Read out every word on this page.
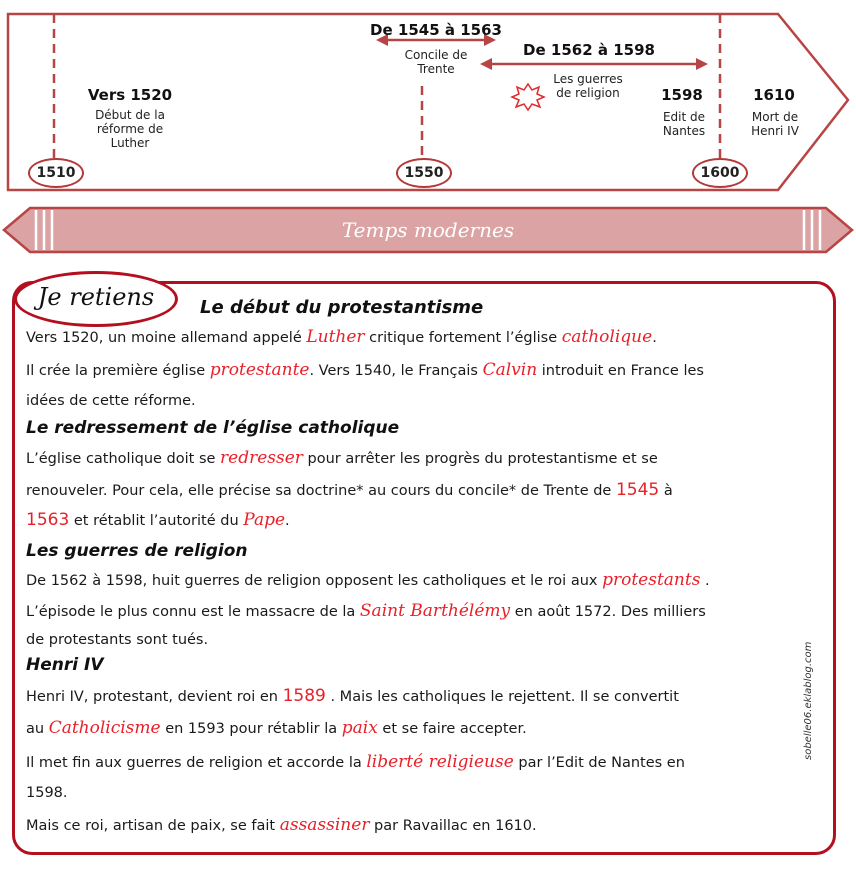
Vers 1520
Début de la
réforme de
Luther
De 1545 à 1563
Concile de
Trente
De 1562 à 1598
Les guerres
de religion	1598
Edit de
Nantes
1610
Mort de
Henri IV
1510	1550	1600
Temps modernes
Je retiens	Le début du protestantisme
Le redressement de l’église catholique
Les guerres de religion
Henri IV
Vers 1520, un moine allemand appelé Luther critique fortement l’église catholique.
Il crée la première église protestante. Vers 1540, le Français Calvin introduit en France les
idées de cette réforme.
L’église catholique doit se redresser pour arrêter les progrès du protestantisme et se
renouveler. Pour cela, elle précise sa doctrine* au cours du concile* de Trente de 1545 à
1563 et rétablit l’autorité du Pape.
De 1562 à 1598, huit guerres de religion opposent les catholiques et le roi aux protestants .
L’épisode le plus connu est le massacre de la Saint Barthélémy en août 1572. Des milliers
de protestants sont tués.
Henri IV, protestant, devient roi en 1589 . Mais les catholiques le rejettent. Il se convertit
au Catholicisme en 1593 pour rétablir la paix et se faire accepter.
Il met fin aux guerres de religion et accorde la liberté religieuse par l’Edit de Nantes en
1598.
Mais ce roi, artisan de paix, se fait assassiner par Ravaillac en 1610.
sobelle06.eklablog.com
